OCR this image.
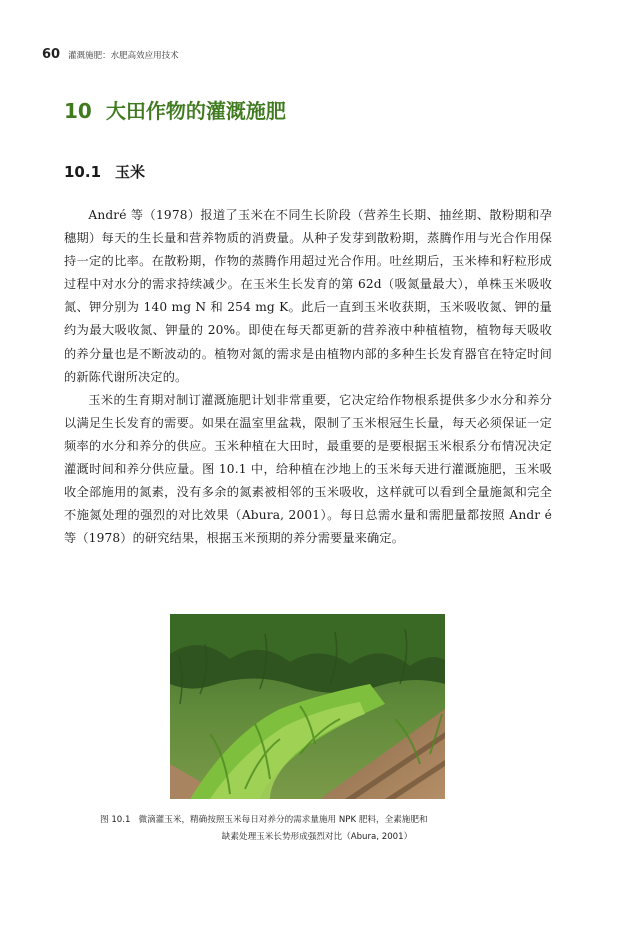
60 灌溉施肥：水肥高效应用技术
10 大田作物的灌溉施肥
10.1 玉米

André 等（1978）报道了玉米在不同生长阶段（营养生长期、抽丝期、散粉期和孕穗期）每天的生长量和营养物质的消费量。从种子发芽到散粉期，蒸腾作用与光合作用保持一定的比率。在散粉期，作物的蒸腾作用超过光合作用。吐丝期后，玉米棒和籽粒形成过程中对水分的需求持续减少。在玉米生长发育的第 62d（吸氮量最大），单株玉米吸收氮、钾分别为 140 mg N 和 254 mg K。此后一直到玉米收获期，玉米吸收氮、钾的量约为最大吸收氮、钾量的 20%。即使在每天都更新的营养液中种植植物，植物每天吸收的养分量也是不断波动的。植物对氮的需求是由植物内部的多种生长发育器官在特定时间的新陈代谢所决定的。

玉米的生育期对制订灌溉施肥计划非常重要，它决定给作物根系提供多少水分和养分以满足生长发育的需要。如果在温室里盆栽，限制了玉米根冠生长量，每天必须保证一定频率的水分和养分的供应。玉米种植在大田时，最重要的是要根据玉米根系分布情况决定灌溉时间和养分供应量。图 10.1 中，给种植在沙地上的玉米每天进行灌溉施肥，玉米吸收全部施用的氮素，没有多余的氮素被相邻的玉米吸收，这样就可以看到全量施氮和完全不施氮处理的强烈的对比效果（Abura, 2001）。每日总需水量和需肥量都按照 Andr é 等（1978）的研究结果，根据玉米预期的养分需要量来确定。

图 10.1 微滴灌玉米，精确按照玉米每日对养分的需求量施用 NPK 肥料，全素施肥和
缺素处理玉米长势形成强烈对比（Abura, 2001）
